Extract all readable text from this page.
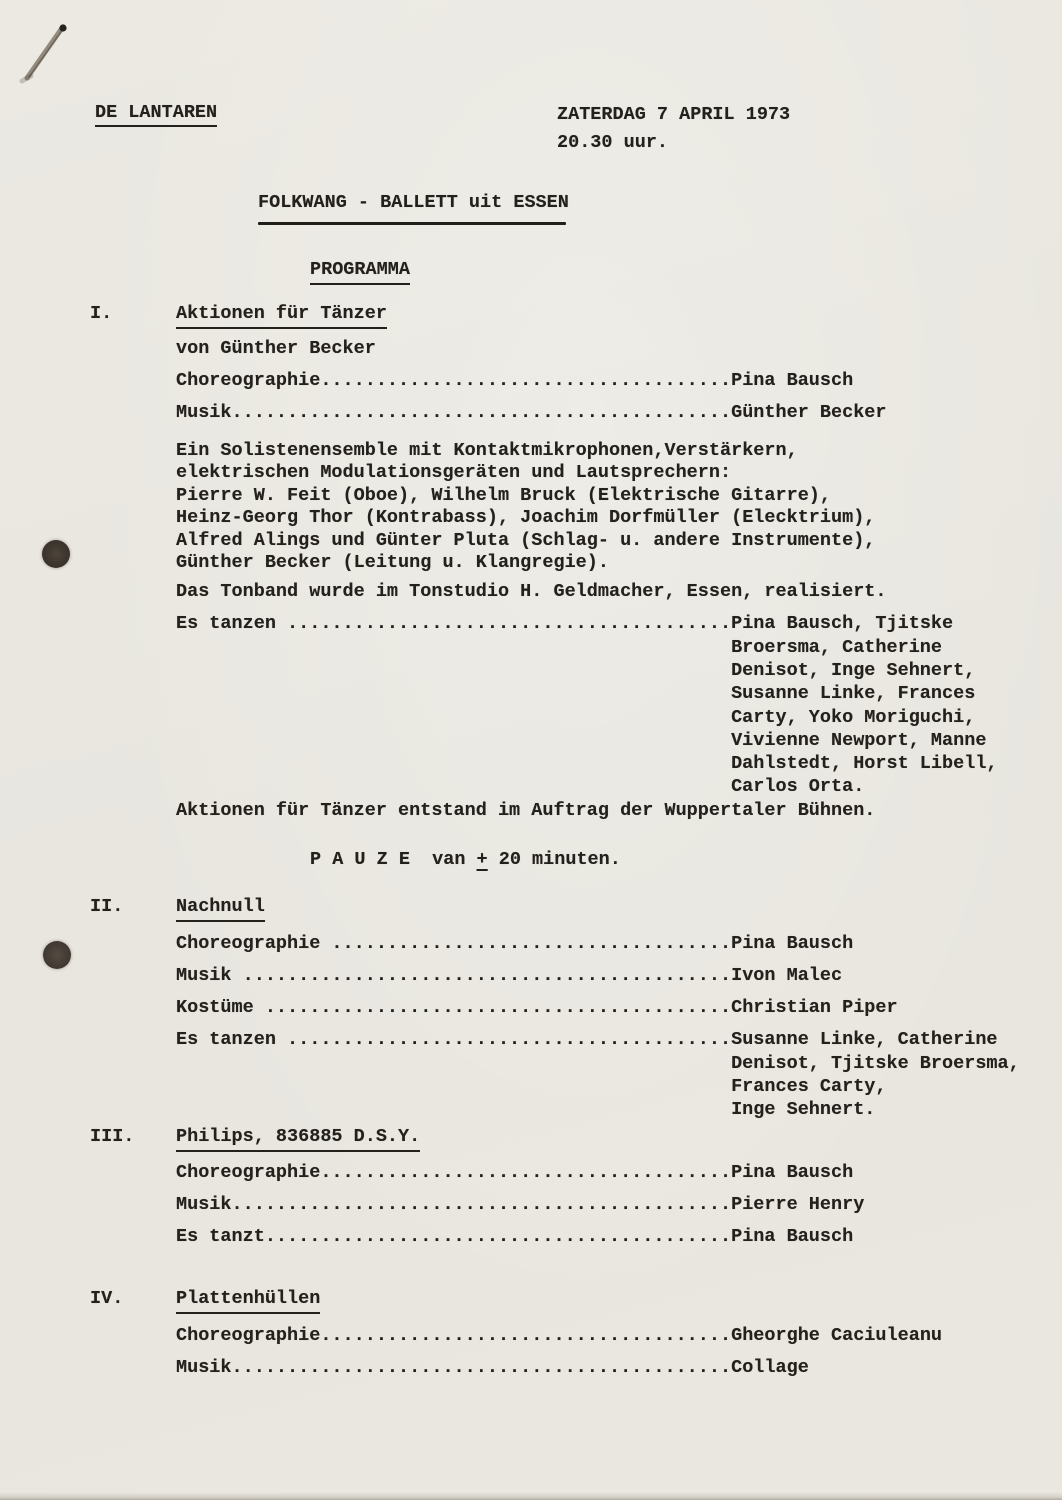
DE LANTAREN	ZATERDAG 7 APRIL 1973
20.30 uur.
FOLKWANG - BALLETT uit ESSEN
PROGRAMMA
I.	Aktionen für Tänzer
von Günther Becker
Choreographie.....................................Pina Bausch
Musik.............................................Günther Becker
Ein Solistenensemble mit Kontaktmikrophonen,Verstärkern,
elektrischen Modulationsgeräten und Lautsprechern:
Pierre W. Feit (Oboe), Wilhelm Bruck (Elektrische Gitarre),
Heinz-Georg Thor (Kontrabass), Joachim Dorfmüller (Elecktrium),
Alfred Alings und Günter Pluta (Schlag- u. andere Instrumente),
Günther Becker (Leitung u. Klangregie).
Das Tonband wurde im Tonstudio H. Geldmacher, Essen, realisiert.
Es tanzen ........................................Pina Bausch, Tjitske
Broersma, Catherine
Denisot, Inge Sehnert,
Susanne Linke, Frances
Carty, Yoko Moriguchi,
Vivienne Newport, Manne
Dahlstedt, Horst Libell,
Carlos Orta.
Aktionen für Tänzer entstand im Auftrag der Wuppertaler Bühnen.
P A U Z E  van + 20 minuten.
II.	Nachnull
Choreographie ....................................Pina Bausch
Musik ............................................Ivon Malec
Kostüme ..........................................Christian Piper
Es tanzen ........................................Susanne Linke, Catherine
Denisot, Tjitske Broersma,
Frances Carty,
Inge Sehnert.
III. Philips, 836885 D.S.Y.
Choreographie.....................................Pina Bausch
Musik.............................................Pierre Henry
Es tanzt..........................................Pina Bausch
IV.	Plattenhüllen
Choreographie.....................................Gheorghe Caciuleanu
Musik.............................................Collage
